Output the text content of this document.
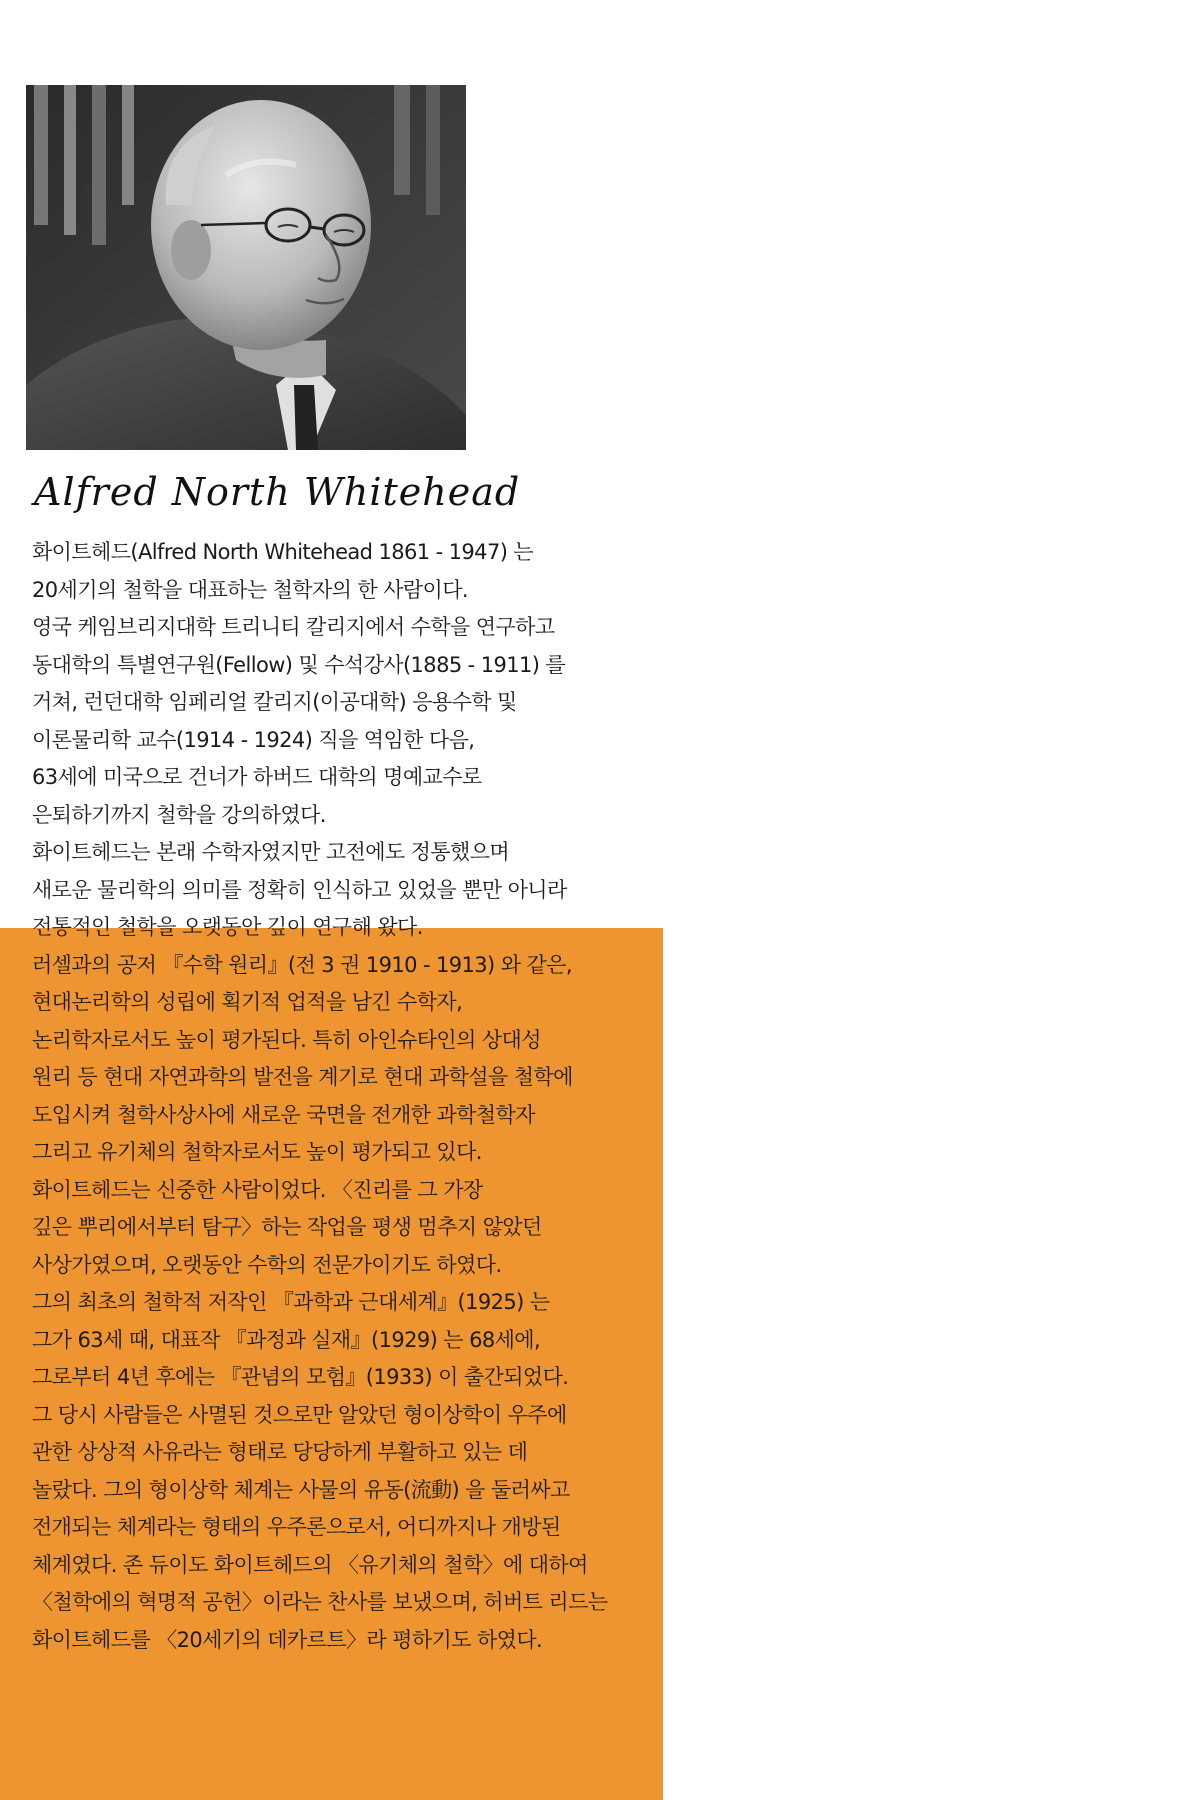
Alfred North Whitehead
화이트헤드(Alfred North Whitehead 1861 - 1947) 는
20세기의 철학을 대표하는 철학자의 한 사람이다.
영국 케임브리지대학 트리니티 칼리지에서 수학을 연구하고
동대학의 특별연구원(Fellow) 및 수석강사(1885 - 1911) 를
거쳐, 런던대학 임페리얼 칼리지(이공대학) 응용수학 및
이론물리학 교수(1914 - 1924) 직을 역임한 다음,
63세에 미국으로 건너가 하버드 대학의 명예교수로
은퇴하기까지 철학을 강의하였다.
화이트헤드는 본래 수학자였지만 고전에도 정통했으며
새로운 물리학의 의미를 정확히 인식하고 있었을 뿐만 아니라
전통적인 철학을 오랫동안 깊이 연구해 왔다.
러셀과의 공저 『수학 원리』(전 3 권 1910 - 1913) 와 같은,
현대논리학의 성립에 획기적 업적을 남긴 수학자,
논리학자로서도 높이 평가된다. 특히 아인슈타인의 상대성
원리 등 현대 자연과학의 발전을 계기로 현대 과학설을 철학에
도입시켜 철학사상사에 새로운 국면을 전개한 과학철학자
그리고 유기체의 철학자로서도 높이 평가되고 있다.
화이트헤드는 신중한 사람이었다. 〈진리를 그 가장
깊은 뿌리에서부터 탐구〉하는 작업을 평생 멈추지 않았던
사상가였으며, 오랫동안 수학의 전문가이기도 하였다.
그의 최초의 철학적 저작인 『과학과 근대세계』(1925) 는
그가 63세 때, 대표작 『과정과 실재』(1929) 는 68세에,
그로부터 4년 후에는 『관념의 모험』(1933) 이 출간되었다.
그 당시 사람들은 사멸된 것으로만 알았던 형이상학이 우주에
관한 상상적 사유라는 형태로 당당하게 부활하고 있는 데
놀랐다. 그의 형이상학 체계는 사물의 유동(流動) 을 둘러싸고
전개되는 체계라는 형태의 우주론으로서, 어디까지나 개방된
체계였다. 존 듀이도 화이트헤드의 〈유기체의 철학〉에 대하여
〈철학에의 혁명적 공헌〉이라는 찬사를 보냈으며, 허버트 리드는
화이트헤드를 〈20세기의 데카르트〉라 평하기도 하였다.
